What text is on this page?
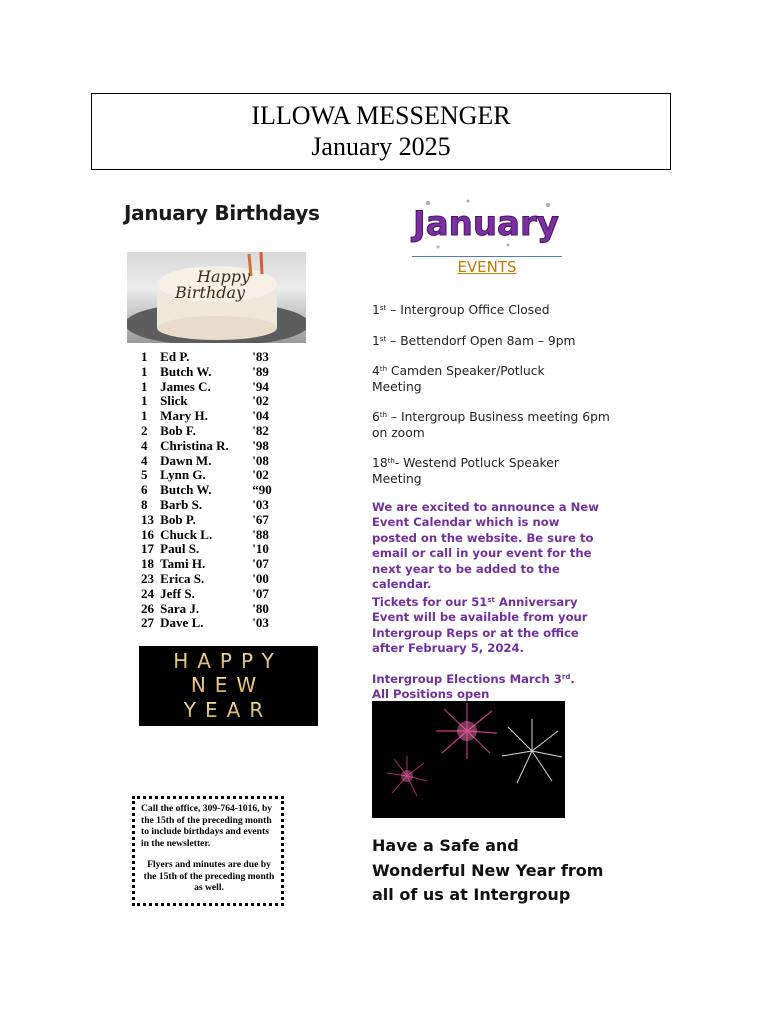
ILLOWA MESSENGER
January 2025
January Birthdays
Happy
Birthday
1 Ed P.	'83
1 Butch W.	'89
1 James C.	'94
1 Slick	'02
1 Mary H.	'04
2 Bob F.	'82
4 Christina R.	'98
4 Dawn M.	'08
5 Lynn G.	'02
6 Butch W.	“90
8 Barb S.	'03
13 Bob P.	'67
16 Chuck L.	'88
17 Paul S.	'10
18 Tami H.	'07
23 Erica S.	'00
24 Jeff S.	'07
26 Sara J.	'80
27 Dave L.	'03
HAPPY
NEW
YEAR

Call the office, 309-764-1016, by the 15th of the preceding month to include birthdays and events in the newsletter.

Flyers and minutes are due by the 15th of the preceding month as well.

January
EVENTS
1st – Intergroup Office Closed
1st – Bettendorf Open 8am – 9pm
4th Camden Speaker/Potluck
Meeting
6th – Intergroup Business meeting 6pm
on zoom
18th- Westend Potluck Speaker
Meeting
We are excited to announce a New Event Calendar which is now posted on the website. Be sure to email or call in your event for the next year to be added to the calendar.
Tickets for our 51st Anniversary Event will be available from your Intergroup Reps or at the office after February 5, 2024.
Intergroup Elections March 3rd.
All Positions open
Have a Safe and Wonderful New Year from all of us at Intergroup
